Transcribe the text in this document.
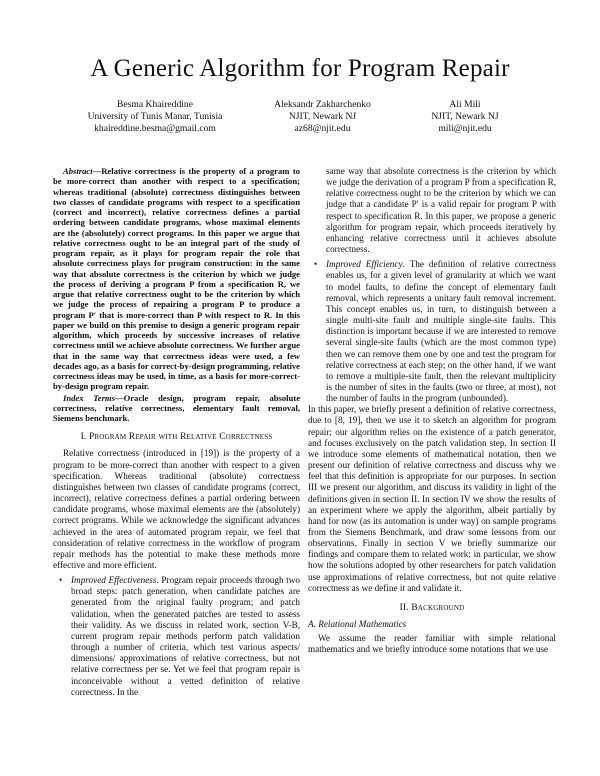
A Generic Algorithm for Program Repair
Besma Khaireddine
University of Tunis Manar, Tunisia
khaireddine.besma@gmail.com
Aleksandr Zakharchenko
NJIT, Newark NJ
az68@njit.edu
Ali Mili
NJIT, Newark NJ
mili@njit.edu

Abstract—Relative correctness is the property of a program to be more-correct than another with respect to a specification; whereas traditional (absolute) correctness distinguishes between two classes of candidate programs with respect to a specification (correct and incorrect), relative correctness defines a partial ordering between candidate programs, whose maximal elements are the (absolutely) correct programs. In this paper we argue that relative correctness ought to be an integral part of the study of program repair, as it plays for program repair the role that absolute correctness plays for program construction: in the same way that absolute correctness is the criterion by which we judge the process of deriving a program P from a specification R, we argue that relative correctness ought to be the criterion by which we judge the process of repairing a program P to produce a program P′ that is more-correct than P with respect to R. In this paper we build on this premise to design a generic program repair algorithm, which proceeds by successive increases of relative correctness until we achieve absolute correctness. We further argue that in the same way that correctness ideas were used, a few decades ago, as a basis for correct-by-design programming, relative correctness ideas may be used, in time, as a basis for more-correct-by-design program repair.

Index Terms—Oracle design, program repair, absolute correctness, relative correctness, elementary fault removal, Siemens benchmark.

I. Program Repair with Relative Correctness

Relative correctness (introduced in [19]) is the property of a program to be more-correct than another with respect to a given specification. Whereas traditional (absolute) correctness distinguishes between two classes of candidate programs (correct, incorrect), relative correctness defines a partial ordering between candidate programs, whose maximal elements are the (absolutely) correct programs. While we acknowledge the significant advances achieved in the area of automated program repair, we feel that consideration of relative correctness in the workflow of program repair methods has the potential to make these methods more effective and more efficient.

• Improved Effectiveness. Program repair proceeds through two broad steps: patch generation, when candidate patches are generated from the original faulty program; and patch validation, when the generated patches are tested to assess their validity. As we discuss in related work, section V-B, current program repair methods perform patch validation through a number of criteria, which test various aspects/ dimensions/ approximations of relative correctness, but not relative correctness per se. Yet we feel that program repair is inconceivable without a vetted definition of relative correctness. In the

same way that absolute correctness is the criterion by which we judge the derivation of a program P from a specification R, relative correctness ought to be the criterion by which we can judge that a candidate P′ is a valid repair for program P with respect to specification R. In this paper, we propose a generic algorithm for program repair, which proceeds iteratively by enhancing relative correctness until it achieves absolute correctness.

• Improved Efficiency. The definition of relative correctness enables us, for a given level of granularity at which we want to model faults, to define the concept of elementary fault removal, which represents a unitary fault removal increment. This concept enables us, in turn, to distinguish between a single multi-site fault and multiple single-site faults. This distinction is important because if we are interested to remove several single-site faults (which are the most common type) then we can remove them one by one and test the program for relative correctness at each step; on the other hand, if we want to remove a multiple-site fault, then the relevant multiplicity is the number of sites in the faults (two or three, at most), not the number of faults in the program (unbounded).

In this paper, we briefly present a definition of relative correctness, due to [8, 19], then we use it to sketch an algorithm for program repair; our algorithm relies on the existence of a patch generator, and focuses exclusively on the patch validation step. In section II we introduce some elements of mathematical notation, then we present our definition of relative correctness and discuss why we feel that this definition is appropriate for our purposes. In section III we present our algorithm, and discuss its validity in light of the definitions given in section II. In section IV we show the results of an experiment where we apply the algorithm, albeit partially by hand for now (as its automation is under way) on sample programs from the Siemens Benchmark, and draw some lessons from our observations. Finally in section V we briefly summarize our findings and compare them to related work; in particular, we show how the solutions adopted by other researchers for patch validation use approximations of relative correctness, but not quite relative correctness as we define it and validate it.

II. Background
A. Relational Mathematics

We assume the reader familiar with simple relational mathematics and we briefly introduce some notations that we use
